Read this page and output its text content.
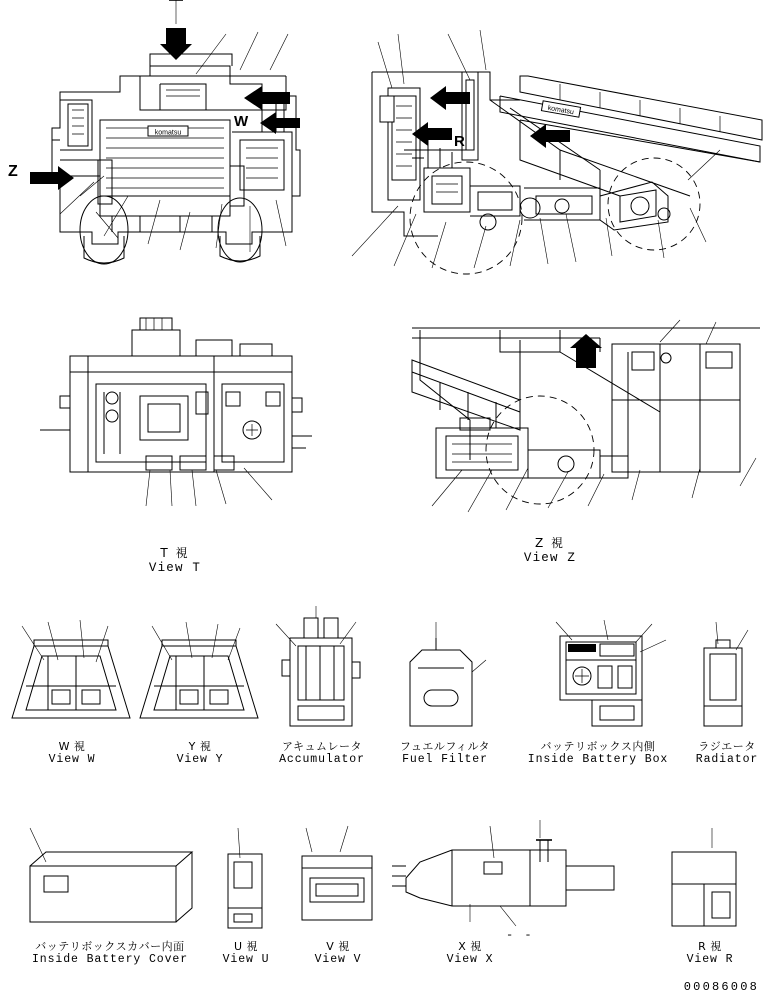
komatsu
W
R
komatsu
Z
- -
T 視
View T
Z 視
View Z
W 視
View W
Y 視
View Y
アキュムレータ
Accumulator
フュエルフィルタ
Fuel Filter
バッテリボックス内側
Inside Battery Box
ラジエータ
Radiator
バッテリボックスカバー内面
Inside Battery Cover
U 視
View U
V 視
View V
X 視
View X
R 視
View R
00086008
